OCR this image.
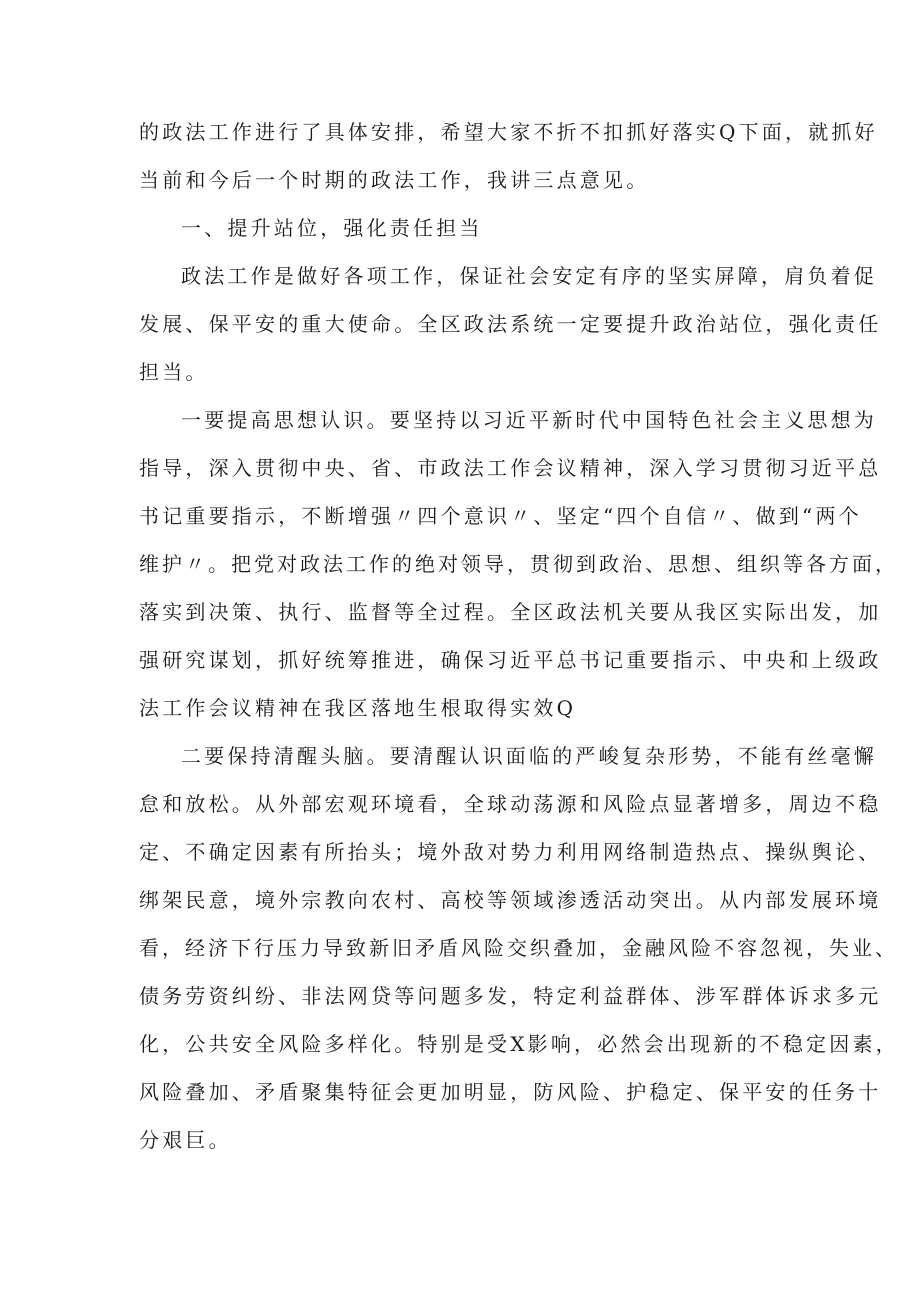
的政法工作进行了具体安排，希望大家不折不扣抓好落实Q下面，就抓好

当前和今后一个时期的政法工作，我讲三点意见。

一、提升站位，强化责任担当

政法工作是做好各项工作，保证社会安定有序的坚实屏障，肩负着促

发展、保平安的重大使命。全区政法系统一定要提升政治站位，强化责任

担当。

一要提高思想认识。要坚持以习近平新时代中国特色社会主义思想为

指导，深入贯彻中央、省、市政法工作会议精神，深入学习贯彻习近平总

书记重要指示，不断增强〃四个意识〃、坚定“四个自信〃、做到“两个

维护〃。把党对政法工作的绝对领导，贯彻到政治、思想、组织等各方面，

落实到决策、执行、监督等全过程。全区政法机关要从我区实际出发，加

强研究谋划，抓好统筹推进，确保习近平总书记重要指示、中央和上级政

法工作会议精神在我区落地生根取得实效Q

二要保持清醒头脑。要清醒认识面临的严峻复杂形势，不能有丝毫懈

怠和放松。从外部宏观环境看，全球动荡源和风险点显著增多，周边不稳

定、不确定因素有所抬头；境外敌对势力利用网络制造热点、操纵舆论、

绑架民意，境外宗教向农村、高校等领域渗透活动突出。从内部发展环境

看，经济下行压力导致新旧矛盾风险交织叠加，金融风险不容忽视，失业、

债务劳资纠纷、非法网贷等问题多发，特定利益群体、涉军群体诉求多元

化，公共安全风险多样化。特别是受X影响，必然会出现新的不稳定因素，

风险叠加、矛盾聚集特征会更加明显，防风险、护稳定、保平安的任务十

分艰巨。
